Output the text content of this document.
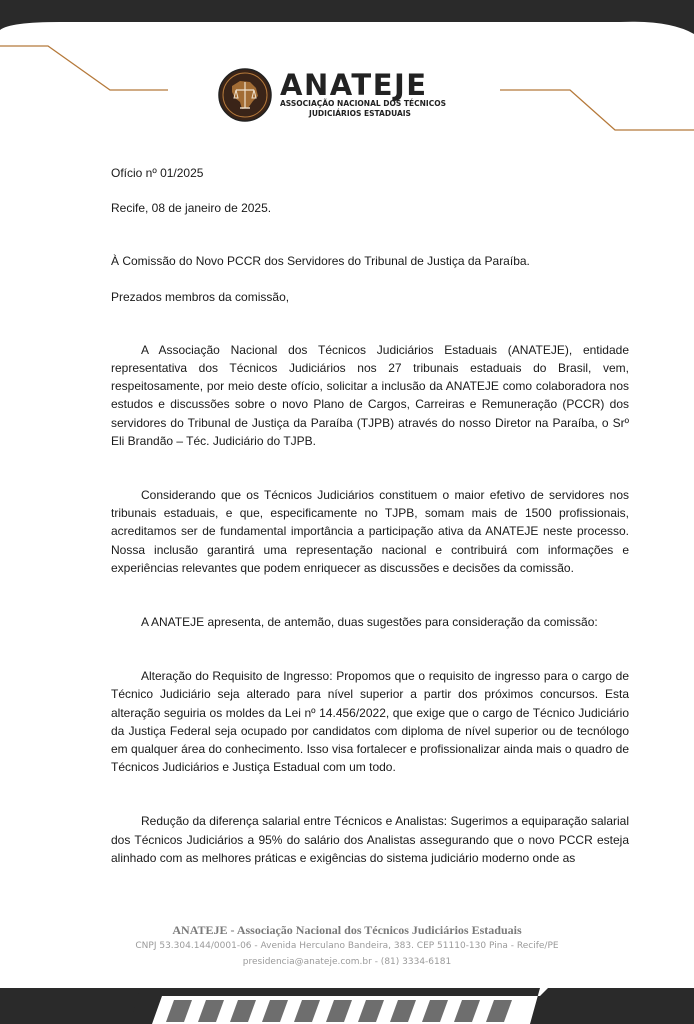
ANATEJE
ASSOCIAÇÃO NACIONAL DOS TÉCNICOS
JUDICIÁRIOS ESTADUAIS

Ofício nº 01/2025

Recife, 08 de janeiro de 2025.

À Comissão do Novo PCCR dos Servidores do Tribunal de Justiça da Paraíba.

Prezados membros da comissão,

A Associação Nacional dos Técnicos Judiciários Estaduais (ANATEJE), entidade representativa dos Técnicos Judiciários nos 27 tribunais estaduais do Brasil, vem, respeitosamente, por meio deste ofício, solicitar a inclusão da ANATEJE como colaboradora nos estudos e discussões sobre o novo Plano de Cargos, Carreiras e Remuneração (PCCR) dos servidores do Tribunal de Justiça da Paraíba (TJPB) através do nosso Diretor na Paraíba, o Srº Eli Brandão – Téc. Judiciário do TJPB.

Considerando que os Técnicos Judiciários constituem o maior efetivo de servidores nos tribunais estaduais, e que, especificamente no TJPB, somam mais de 1500 profissionais, acreditamos ser de fundamental importância a participação ativa da ANATEJE neste processo. Nossa inclusão garantirá uma representação nacional e contribuirá com informações e experiências relevantes que podem enriquecer as discussões e decisões da comissão.

A ANATEJE apresenta, de antemão, duas sugestões para consideração da comissão:

Alteração do Requisito de Ingresso: Propomos que o requisito de ingresso para o cargo de Técnico Judiciário seja alterado para nível superior a partir dos próximos concursos. Esta alteração seguiria os moldes da Lei nº 14.456/2022, que exige que o cargo de Técnico Judiciário da Justiça Federal seja ocupado por candidatos com diploma de nível superior ou de tecnólogo em qualquer área do conhecimento. Isso visa fortalecer e profissionalizar ainda mais o quadro de Técnicos Judiciários e Justiça Estadual com um todo.

Redução da diferença salarial entre Técnicos e Analistas: Sugerimos a equiparação salarial dos Técnicos Judiciários a 95% do salário dos Analistas assegurando que o novo PCCR esteja alinhado com as melhores práticas e exigências do sistema judiciário moderno onde as

ANATEJE - Associação Nacional dos Técnicos Judiciários Estaduais
CNPJ 53.304.144/0001-06 - Avenida Herculano Bandeira, 383. CEP 51110-130 Pina - Recife/PE
presidencia@anateje.com.br - (81) 3334-6181
